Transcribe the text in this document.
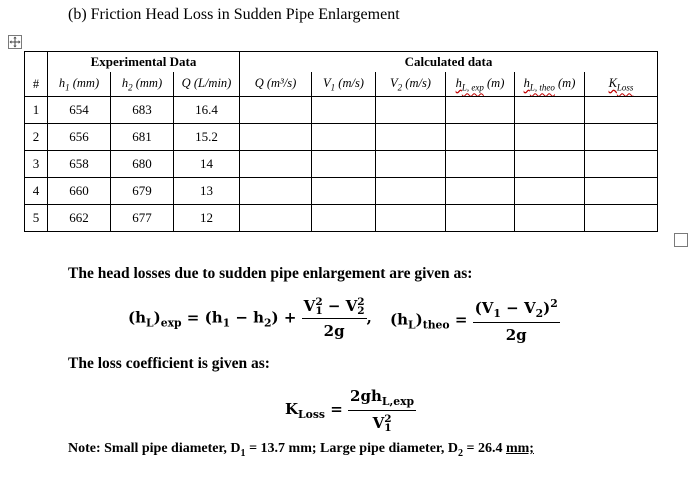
(b) Friction Head Loss in Sudden Pipe Enlargement
	Experimental Data			Calculated data					
#	$h_1$ (mm)	$h_2$ (mm)	Q (L/min)	Q (m³/s)	$V_1$ (m/s)	$V_2$ (m/s)	$h_{L, exp}$ (m)	$h_{L, theo}$ (m)	$K_{Loss}$
1	654	683	16.4						
2	656	681	15.2						
3	658	680	14						
4	660	679	13						
5	662	677	12						
The head losses due to sudden pipe enlargement are given as:
$(h_L)_{exp} = (h_1 - h_2) + V$ 2
1 − V 2
2
2g , $(h_L)_{theo} = \frac{(V_1 - V_2)^2}{2g}$
The loss coefficient is given as:
$K_{Loss} = 2gh_{L,exp}$
V 2
1
Note: Small pipe diameter, $D_1 = 13.7$ mm; Large pipe diameter, $D_2 = 26.4$ mm;
